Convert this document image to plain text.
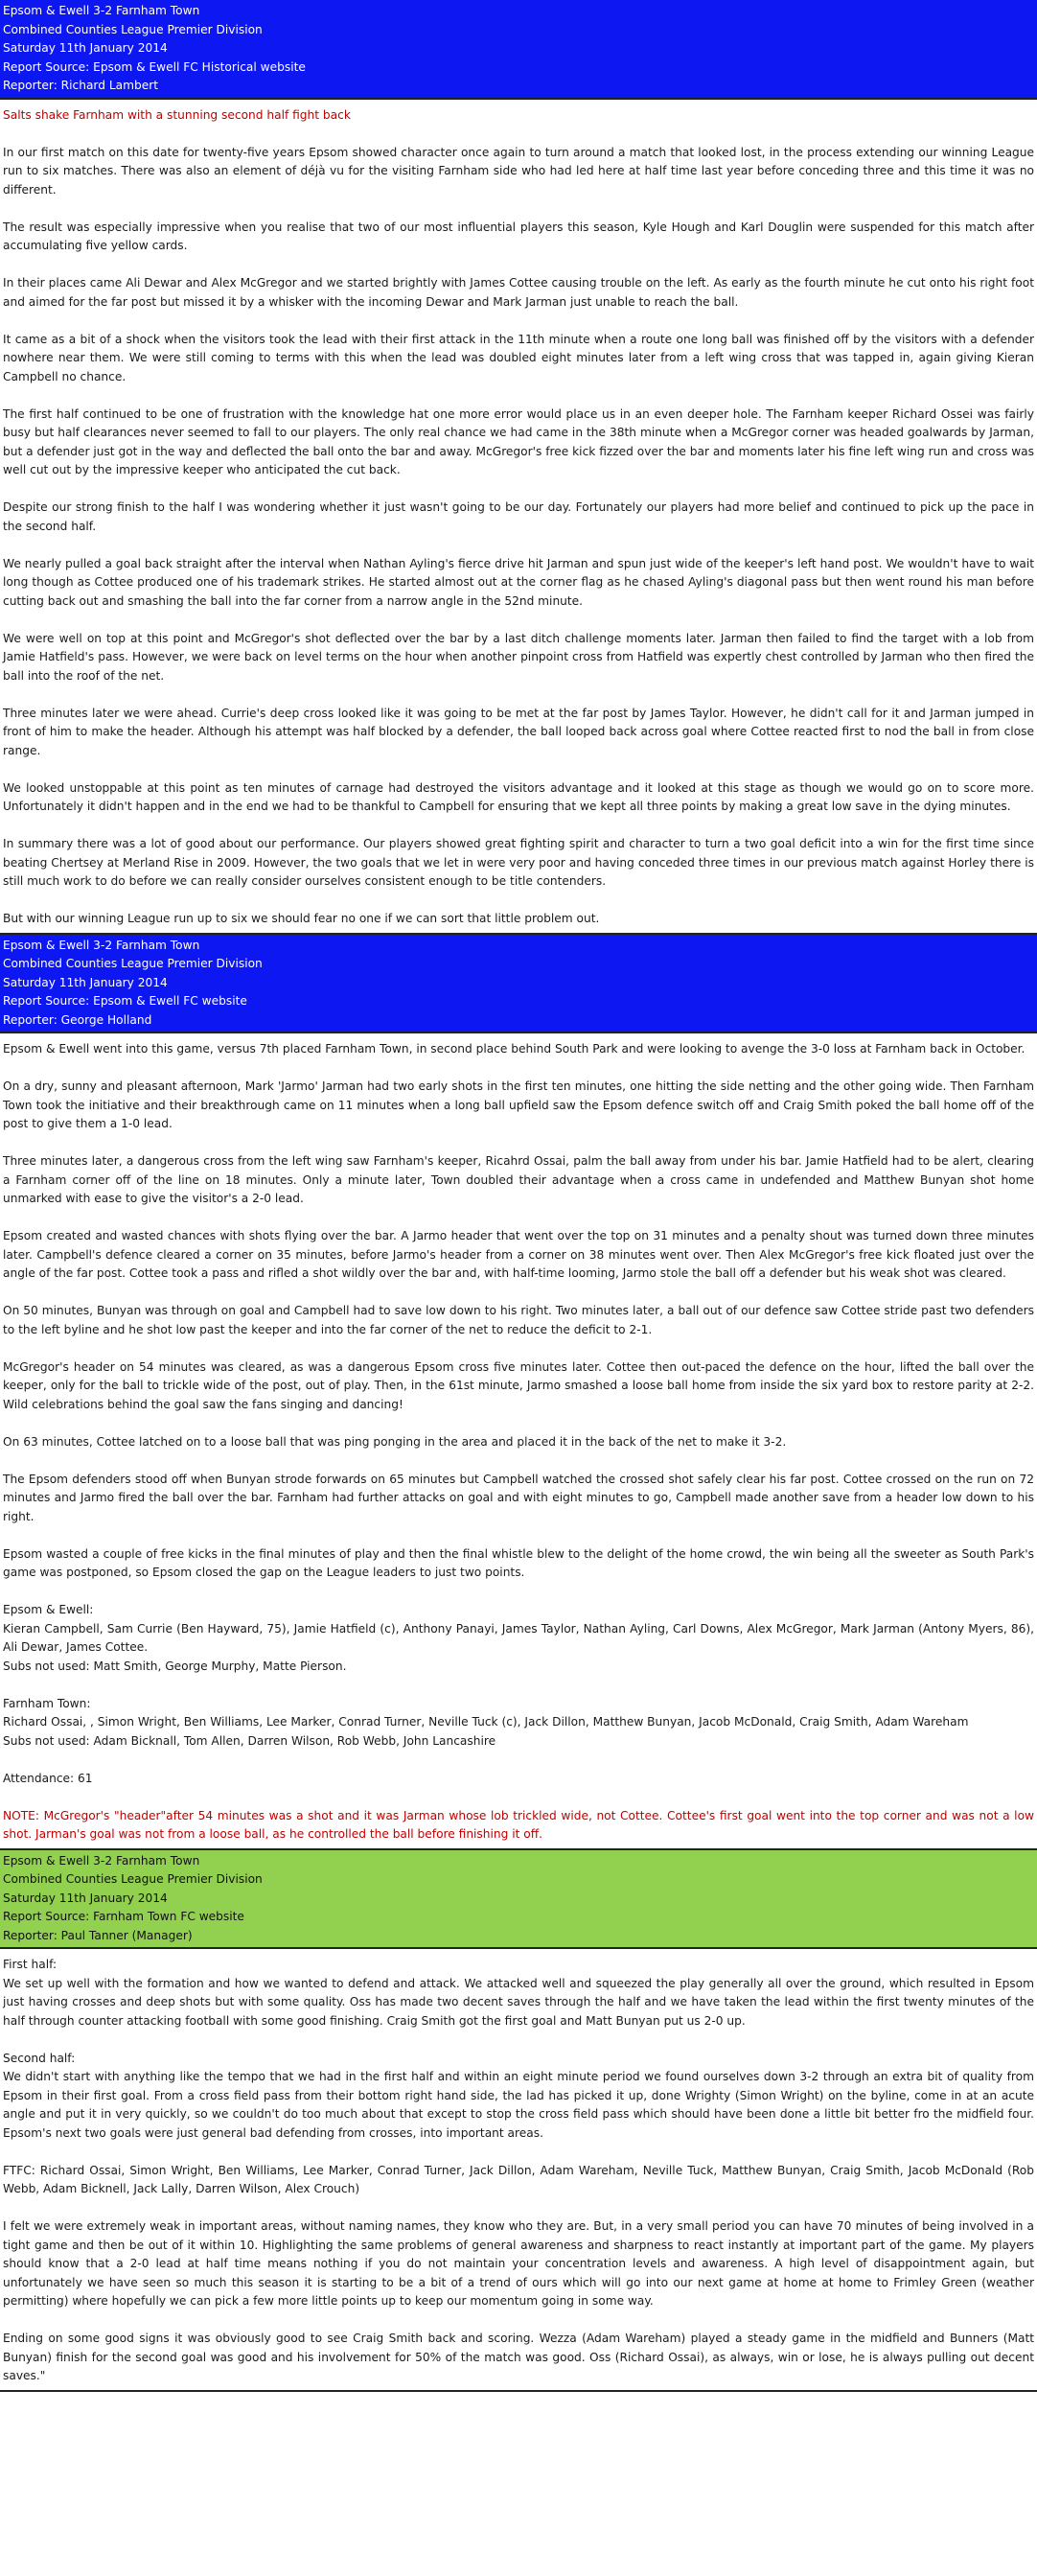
Epsom & Ewell 3-2 Farnham Town
Combined Counties League Premier Division
Saturday 11th January 2014
Report Source: Epsom & Ewell FC Historical website
Reporter: Richard Lambert

Salts shake Farnham with a stunning second half fight back

In our first match on this date for twenty-five years Epsom showed character once again to turn around a match that looked lost, in the process extending our winning League run to six matches. There was also an element of déjà vu for the visiting Farnham side who had led here at half time last year before conceding three and this time it was no different.

The result was especially impressive when you realise that two of our most influential players this season, Kyle Hough and Karl Douglin were suspended for this match after accumulating five yellow cards.

In their places came Ali Dewar and Alex McGregor and we started brightly with James Cottee causing trouble on the left. As early as the fourth minute he cut onto his right foot and aimed for the far post but missed it by a whisker with the incoming Dewar and Mark Jarman just unable to reach the ball.

It came as a bit of a shock when the visitors took the lead with their first attack in the 11th minute when a route one long ball was finished off by the visitors with a defender nowhere near them. We were still coming to terms with this when the lead was doubled eight minutes later from a left wing cross that was tapped in, again giving Kieran Campbell no chance.

The first half continued to be one of frustration with the knowledge hat one more error would place us in an even deeper hole. The Farnham keeper Richard Ossei was fairly busy but half clearances never seemed to fall to our players. The only real chance we had came in the 38th minute when a McGregor corner was headed goalwards by Jarman, but a defender just got in the way and deflected the ball onto the bar and away. McGregor's free kick fizzed over the bar and moments later his fine left wing run and cross was well cut out by the impressive keeper who anticipated the cut back.

Despite our strong finish to the half I was wondering whether it just wasn't going to be our day. Fortunately our players had more belief and continued to pick up the pace in the second half.

We nearly pulled a goal back straight after the interval when Nathan Ayling's fierce drive hit Jarman and spun just wide of the keeper's left hand post. We wouldn't have to wait long though as Cottee produced one of his trademark strikes. He started almost out at the corner flag as he chased Ayling's diagonal pass but then went round his man before cutting back out and smashing the ball into the far corner from a narrow angle in the 52nd minute.

We were well on top at this point and McGregor's shot deflected over the bar by a last ditch challenge moments later. Jarman then failed to find the target with a lob from Jamie Hatfield's pass. However, we were back on level terms on the hour when another pinpoint cross from Hatfield was expertly chest controlled by Jarman who then fired the ball into the roof of the net.

Three minutes later we were ahead. Currie's deep cross looked like it was going to be met at the far post by James Taylor. However, he didn't call for it and Jarman jumped in front of him to make the header. Although his attempt was half blocked by a defender, the ball looped back across goal where Cottee reacted first to nod the ball in from close range.

We looked unstoppable at this point as ten minutes of carnage had destroyed the visitors advantage and it looked at this stage as though we would go on to score more. Unfortunately it didn't happen and in the end we had to be thankful to Campbell for ensuring that we kept all three points by making a great low save in the dying minutes.

In summary there was a lot of good about our performance. Our players showed great fighting spirit and character to turn a two goal deficit into a win for the first time since beating Chertsey at Merland Rise in 2009. However, the two goals that we let in were very poor and having conceded three times in our previous match against Horley there is still much work to do before we can really consider ourselves consistent enough to be title contenders.

But with our winning League run up to six we should fear no one if we can sort that little problem out.

Epsom & Ewell 3-2 Farnham Town
Combined Counties League Premier Division
Saturday 11th January 2014
Report Source: Epsom & Ewell FC website
Reporter: George Holland

Epsom & Ewell went into this game, versus 7th placed Farnham Town, in second place behind South Park and were looking to avenge the 3-0 loss at Farnham back in October.

On a dry, sunny and pleasant afternoon, Mark 'Jarmo' Jarman had two early shots in the first ten minutes, one hitting the side netting and the other going wide. Then Farnham Town took the initiative and their breakthrough came on 11 minutes when a long ball upfield saw the Epsom defence switch off and Craig Smith poked the ball home off of the post to give them a 1-0 lead.

Three minutes later, a dangerous cross from the left wing saw Farnham's keeper, Ricahrd Ossai, palm the ball away from under his bar. Jamie Hatfield had to be alert, clearing a Farnham corner off of the line on 18 minutes. Only a minute later, Town doubled their advantage when a cross came in undefended and Matthew Bunyan shot home unmarked with ease to give the visitor's a 2-0 lead.

Epsom created and wasted chances with shots flying over the bar. A Jarmo header that went over the top on 31 minutes and a penalty shout was turned down three minutes later. Campbell's defence cleared a corner on 35 minutes, before Jarmo's header from a corner on 38 minutes went over. Then Alex McGregor's free kick floated just over the angle of the far post. Cottee took a pass and rifled a shot wildly over the bar and, with half-time looming, Jarmo stole the ball off a defender but his weak shot was cleared.

On 50 minutes, Bunyan was through on goal and Campbell had to save low down to his right. Two minutes later, a ball out of our defence saw Cottee stride past two defenders to the left byline and he shot low past the keeper and into the far corner of the net to reduce the deficit to 2-1.

McGregor's header on 54 minutes was cleared, as was a dangerous Epsom cross five minutes later. Cottee then out-paced the defence on the hour, lifted the ball over the keeper, only for the ball to trickle wide of the post, out of play. Then, in the 61st minute, Jarmo smashed a loose ball home from inside the six yard box to restore parity at 2-2. Wild celebrations behind the goal saw the fans singing and dancing!

On 63 minutes, Cottee latched on to a loose ball that was ping ponging in the area and placed it in the back of the net to make it 3-2.

The Epsom defenders stood off when Bunyan strode forwards on 65 minutes but Campbell watched the crossed shot safely clear his far post. Cottee crossed on the run on 72 minutes and Jarmo fired the ball over the bar. Farnham had further attacks on goal and with eight minutes to go, Campbell made another save from a header low down to his right.

Epsom wasted a couple of free kicks in the final minutes of play and then the final whistle blew to the delight of the home crowd, the win being all the sweeter as South Park's game was postponed, so Epsom closed the gap on the League leaders to just two points.

Epsom & Ewell:
Kieran Campbell, Sam Currie (Ben Hayward, 75), Jamie Hatfield (c), Anthony Panayi, James Taylor, Nathan Ayling, Carl Downs, Alex McGregor, Mark Jarman (Antony Myers, 86), Ali Dewar, James Cottee.
Subs not used: Matt Smith, George Murphy, Matte Pierson.

Farnham Town:
Richard Ossai, , Simon Wright, Ben Williams, Lee Marker, Conrad Turner, Neville Tuck (c), Jack Dillon, Matthew Bunyan, Jacob McDonald, Craig Smith, Adam Wareham
Subs not used: Adam Bicknall, Tom Allen, Darren Wilson, Rob Webb, John Lancashire

Attendance: 61

NOTE: McGregor's "header"after 54 minutes was a shot and it was Jarman whose lob trickled wide, not Cottee. Cottee's first goal went into the top corner and was not a low shot. Jarman's goal was not from a loose ball, as he controlled the ball before finishing it off.

Epsom & Ewell 3-2 Farnham Town
Combined Counties League Premier Division
Saturday 11th January 2014
Report Source: Farnham Town FC website
Reporter: Paul Tanner (Manager)

First half:
We set up well with the formation and how we wanted to defend and attack. We attacked well and squeezed the play generally all over the ground, which resulted in Epsom just having crosses and deep shots but with some quality. Oss has made two decent saves through the half and we have taken the lead within the first twenty minutes of the half through counter attacking football with some good finishing. Craig Smith got the first goal and Matt Bunyan put us 2-0 up.

Second half:
We didn't start with anything like the tempo that we had in the first half and within an eight minute period we found ourselves down 3-2 through an extra bit of quality from Epsom in their first goal. From a cross field pass from their bottom right hand side, the lad has picked it up, done Wrighty (Simon Wright) on the byline, come in at an acute angle and put it in very quickly, so we couldn't do too much about that except to stop the cross field pass which should have been done a little bit better fro the midfield four. Epsom's next two goals were just general bad defending from crosses, into important areas.

FTFC: Richard Ossai, Simon Wright, Ben Williams, Lee Marker, Conrad Turner, Jack Dillon, Adam Wareham, Neville Tuck, Matthew Bunyan, Craig Smith, Jacob McDonald (Rob Webb, Adam Bicknell, Jack Lally, Darren Wilson, Alex Crouch)

I felt we were extremely weak in important areas, without naming names, they know who they are. But, in a very small period you can have 70 minutes of being involved in a tight game and then be out of it within 10. Highlighting the same problems of general awareness and sharpness to react instantly at important part of the game. My players should know that a 2-0 lead at half time means nothing if you do not maintain your concentration levels and awareness. A high level of disappointment again, but unfortunately we have seen so much this season it is starting to be a bit of a trend of ours which will go into our next game at home at home to Frimley Green (weather permitting) where hopefully we can pick a few more little points up to keep our momentum going in some way.

Ending on some good signs it was obviously good to see Craig Smith back and scoring. Wezza (Adam Wareham) played a steady game in the midfield and Bunners (Matt Bunyan) finish for the second goal was good and his involvement for 50% of the match was good. Oss (Richard Ossai), as always, win or lose, he is always pulling out decent saves."
